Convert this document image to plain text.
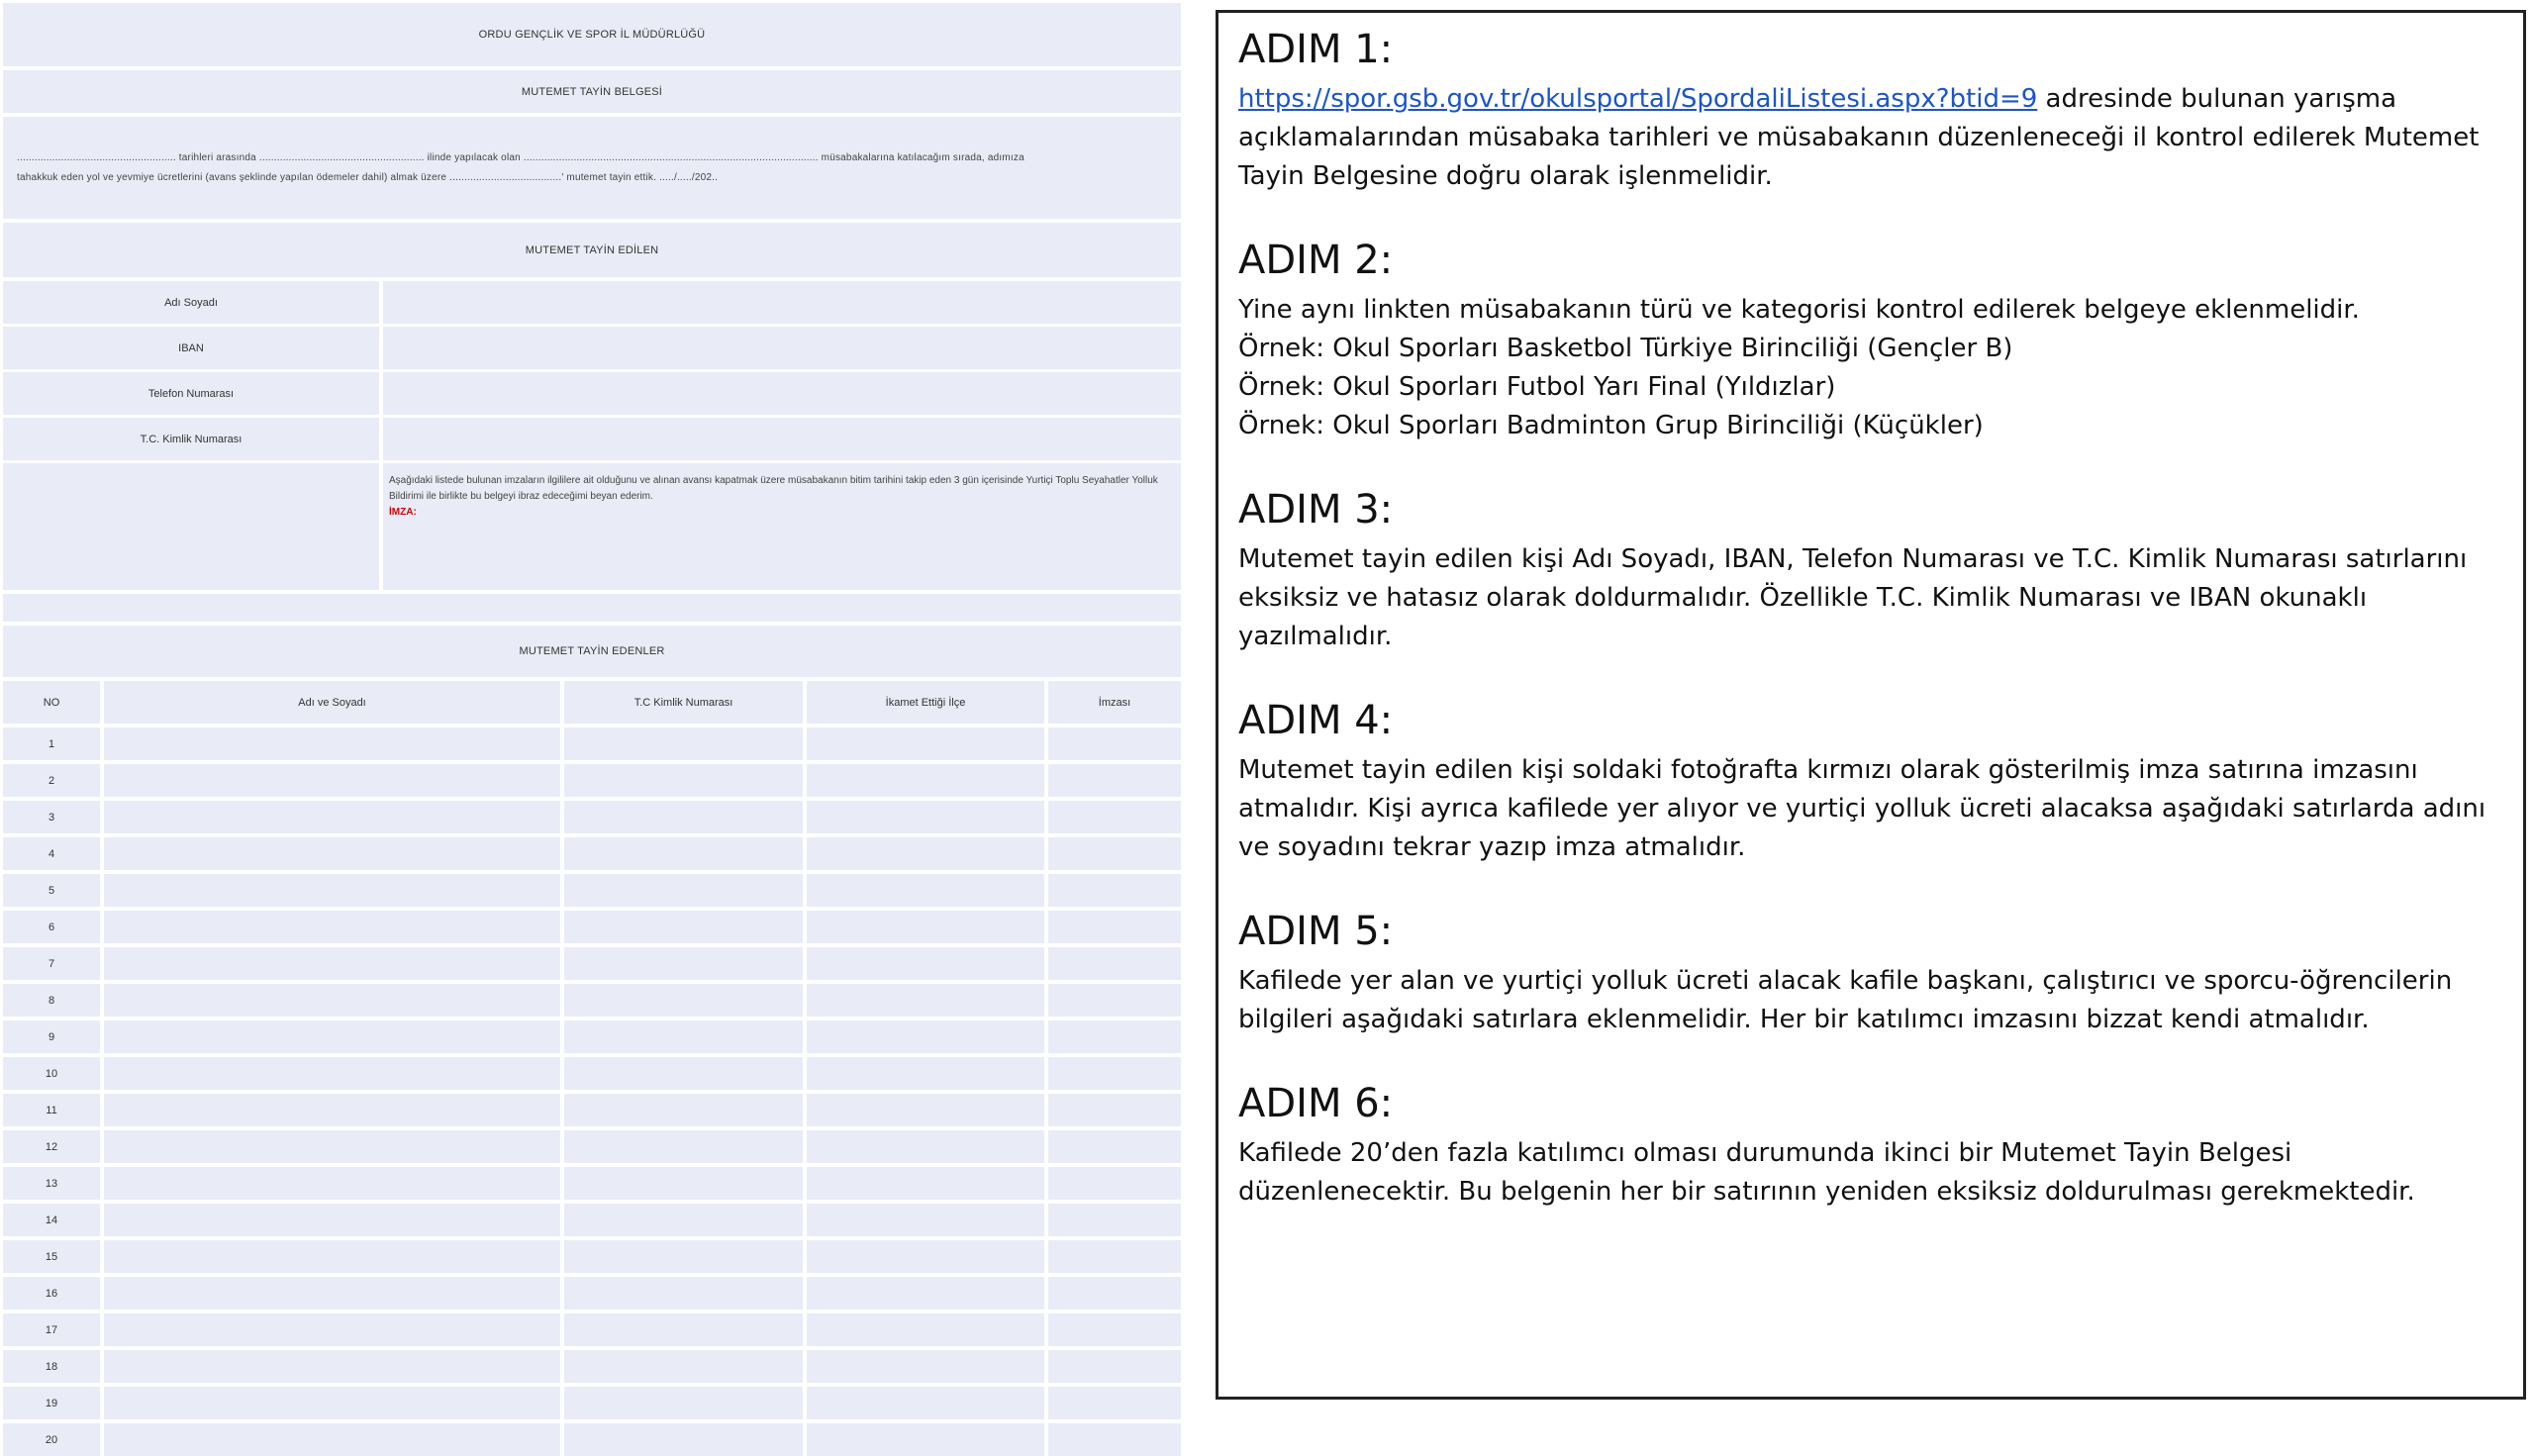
ORDU GENÇLİK VE SPOR İL MÜDÜRLÜĞÜ
MUTEMET TAYİN BELGESİ
...................................................... tarihleri arasında ........................................................ ilinde yapılacak olan .................................................................................................... müsabakalarına katılacağım sırada, adımıza
tahakkuk eden yol ve yevmiye ücretlerini (avans şeklinde yapılan ödemeler dahil) almak üzere ......................................' mutemet tayin ettik. ...../...../202..
MUTEMET TAYİN EDİLEN
Adı Soyadı
IBAN
Telefon Numarası
T.C. Kimlik Numarası
Aşağıdaki listede bulunan imzaların ilgililere ait olduğunu ve alınan avansı kapatmak üzere müsabakanın bitim tarihini takip eden 3 gün içerisinde Yurtiçi Toplu Seyahatler Yolluk Bildirimi ile birlikte bu belgeyi ibraz edeceğimi beyan ederim.
İMZA:
MUTEMET TAYİN EDENLER
NO	Adı ve Soyadı	T.C Kimlik Numarası	İkamet Ettiği İlçe	İmzası
1
2
3
4
5
6
7
8
9
10
11
12
13
14
15
16
17
18
19
20
ADIM 1:

https://spor.gsb.gov.tr/okulsportal/SpordaliListesi.aspx?btid=9 adresinde bulunan yarışma açıklamalarından müsabaka tarihleri ve müsabakanın düzenleneceği il kontrol edilerek Mutemet Tayin Belgesine doğru olarak işlenmelidir.

ADIM 2:
Yine aynı linkten müsabakanın türü ve kategorisi kontrol edilerek belgeye eklenmelidir.
Örnek: Okul Sporları Basketbol Türkiye Birinciliği (Gençler B)
Örnek: Okul Sporları Futbol Yarı Final (Yıldızlar)
Örnek: Okul Sporları Badminton Grup Birinciliği (Küçükler)
ADIM 3:

Mutemet tayin edilen kişi Adı Soyadı, IBAN, Telefon Numarası ve T.C. Kimlik Numarası satırlarını eksiksiz ve hatasız olarak doldurmalıdır. Özellikle T.C. Kimlik Numarası ve IBAN okunaklı yazılmalıdır.

ADIM 4:

Mutemet tayin edilen kişi soldaki fotoğrafta kırmızı olarak gösterilmiş imza satırına imzasını atmalıdır. Kişi ayrıca kafilede yer alıyor ve yurtiçi yolluk ücreti alacaksa aşağıdaki satırlarda adını ve soyadını tekrar yazıp imza atmalıdır.

ADIM 5:

Kafilede yer alan ve yurtiçi yolluk ücreti alacak kafile başkanı, çalıştırıcı ve sporcu-öğrencilerin bilgileri aşağıdaki satırlara eklenmelidir. Her bir katılımcı imzasını bizzat kendi atmalıdır.

ADIM 6:

Kafilede 20’den fazla katılımcı olması durumunda ikinci bir Mutemet Tayin Belgesi düzenlenecektir. Bu belgenin her bir satırının yeniden eksiksiz doldurulması gerekmektedir.
